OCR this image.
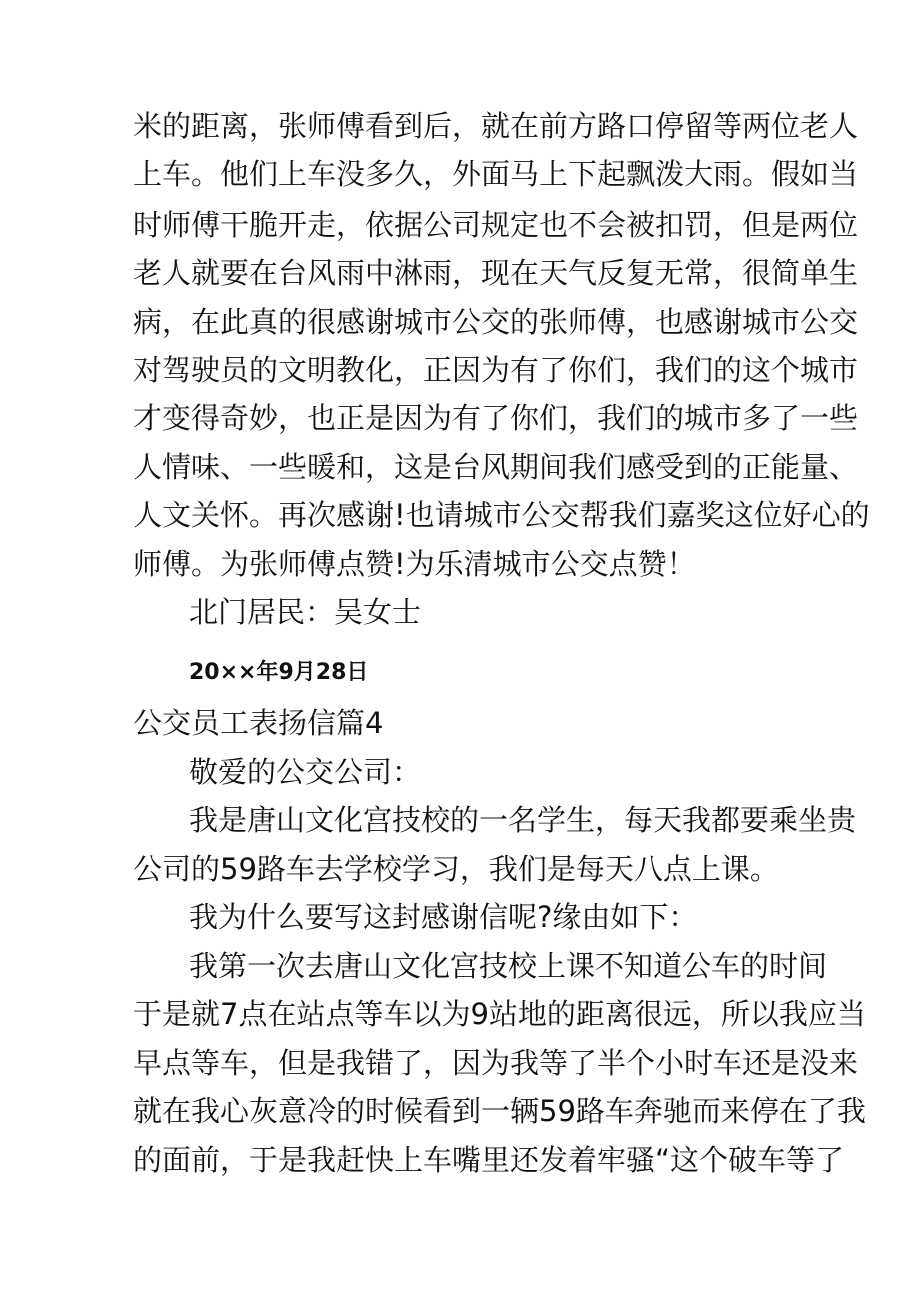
米的距离，张师傅看到后，就在前方路口停留等两位老人
上车。他们上车没多久，外面马上下起飘泼大雨。假如当
时师傅干脆开走，依据公司规定也不会被扣罚，但是两位
老人就要在台风雨中淋雨，现在天气反复无常，很简单生
病，在此真的很感谢城市公交的张师傅，也感谢城市公交
对驾驶员的文明教化，正因为有了你们，我们的这个城市
才变得奇妙，也正是因为有了你们，我们的城市多了一些
人情味、一些暖和，这是台风期间我们感受到的正能量、
人文关怀。再次感谢!也请城市公交帮我们嘉奖这位好心的
师傅。为张师傅点赞!为乐清城市公交点赞！
北门居民：吴女士
20××年9月28日
公交员工表扬信篇4
敬爱的公交公司：
我是唐山文化宫技校的一名学生，每天我都要乘坐贵
公司的59路车去学校学习，我们是每天八点上课。
我为什么要写这封感谢信呢?缘由如下：
我第一次去唐山文化宫技校上课不知道公车的时间
于是就7点在站点等车以为9站地的距离很远，所以我应当
早点等车，但是我错了，因为我等了半个小时车还是没来
就在我心灰意冷的时候看到一辆59路车奔驰而来停在了我
的面前，于是我赶快上车嘴里还发着牢骚“这个破车等了
